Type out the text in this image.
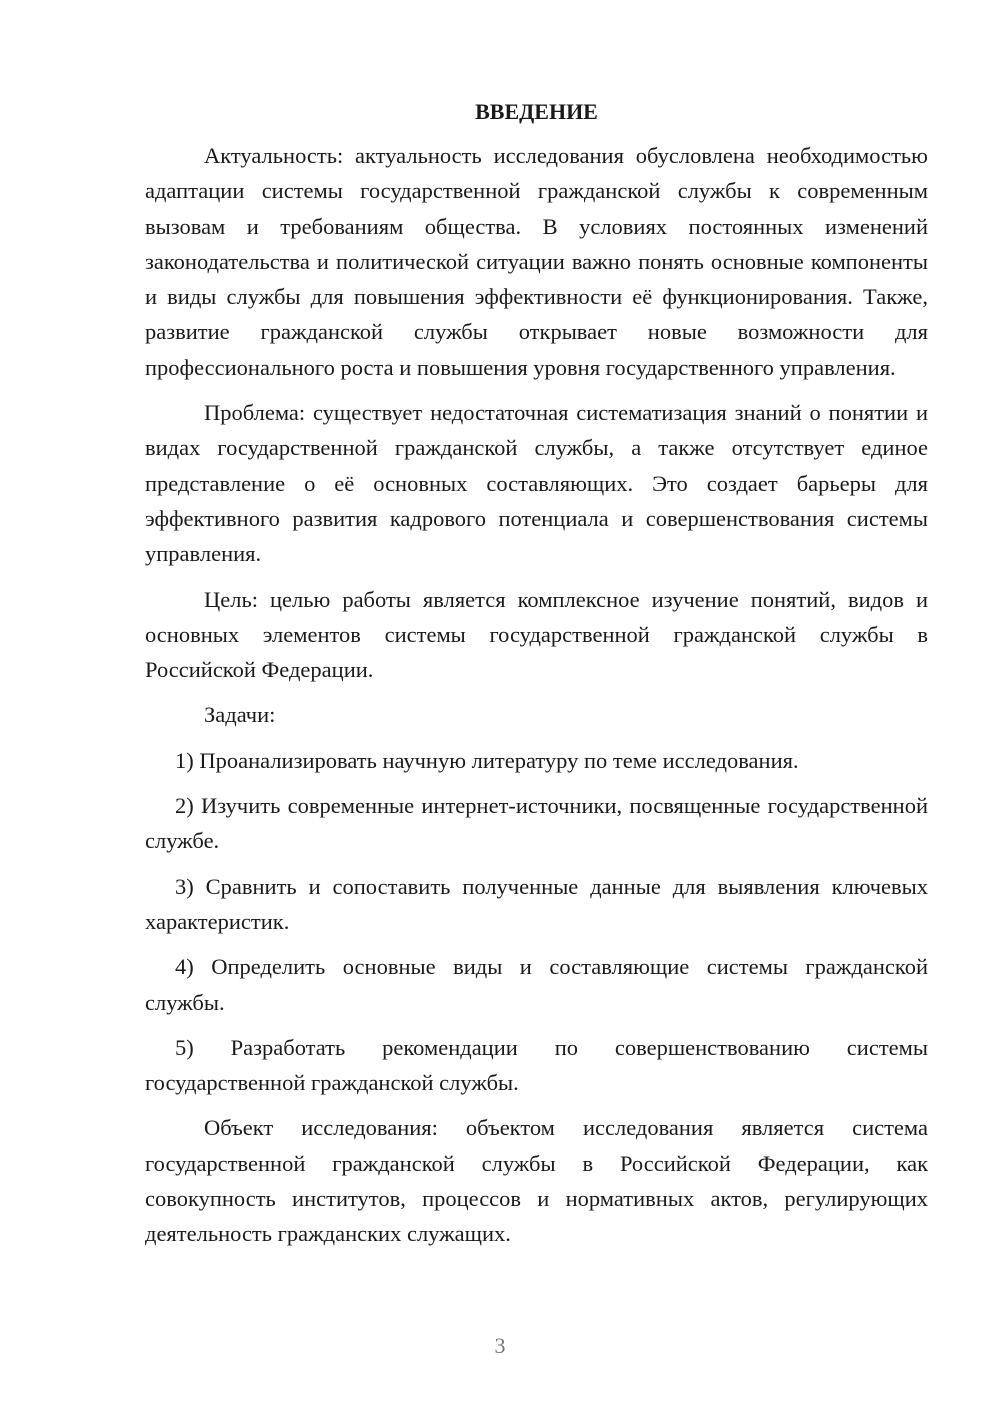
ВВЕДЕНИЕ

Актуальность: актуальность исследования обусловлена необходимостью адаптации системы государственной гражданской службы к современным вызовам и требованиям общества. В условиях постоянных изменений законодательства и политической ситуации важно понять основные компоненты и виды службы для повышения эффективности её функционирования. Также, развитие гражданской службы открывает новые возможности для профессионального роста и повышения уровня государственного управления.

Проблема: существует недостаточная систематизация знаний о понятии и видах государственной гражданской службы, а также отсутствует единое представление о её основных составляющих. Это создает барьеры для эффективного развития кадрового потенциала и совершенствования системы управления.

Цель: целью работы является комплексное изучение понятий, видов и основных элементов системы государственной гражданской службы в Российской Федерации.

Задачи:

1) Проанализировать научную литературу по теме исследования.

2) Изучить современные интернет-источники, посвященные государственной службе.

3) Сравнить и сопоставить полученные данные для выявления ключевых характеристик.

4) Определить основные виды и составляющие системы гражданской службы.

5) Разработать рекомендации по совершенствованию системы государственной гражданской службы.

Объект исследования: объектом исследования является система государственной гражданской службы в Российской Федерации, как совокупность институтов, процессов и нормативных актов, регулирующих деятельность гражданских служащих.

3
